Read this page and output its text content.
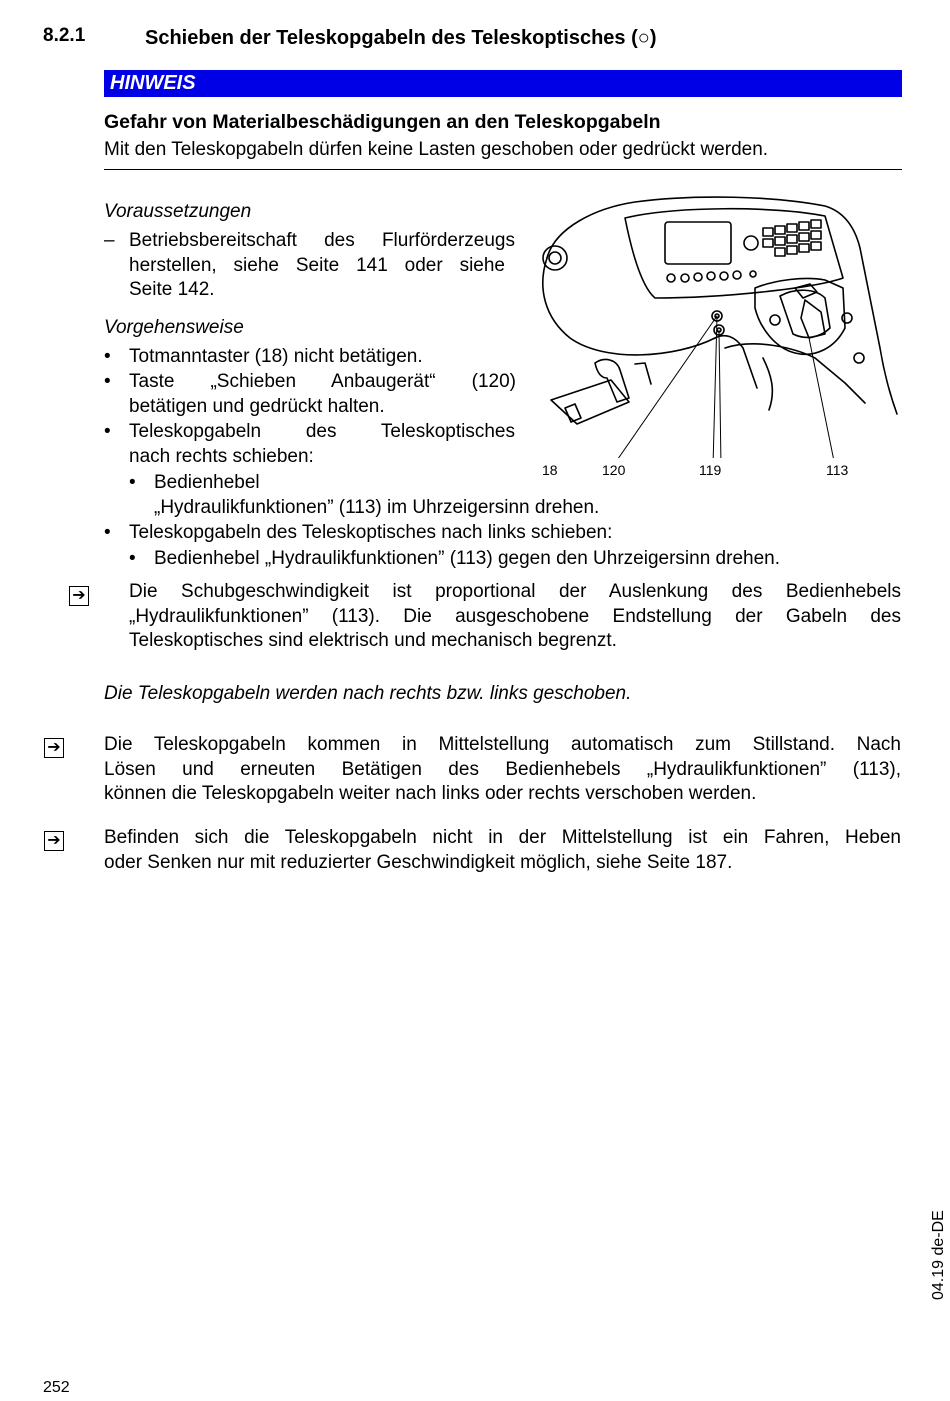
8.2.1	Schieben der Teleskopgabeln des Teleskoptisches (○)
HINWEIS
Gefahr von Materialbeschädigungen an den Teleskopgabeln
Mit den Teleskopgabeln dürfen keine Lasten geschoben oder gedrückt werden.
Voraussetzungen
– Betriebsbereitschaft des Flurförderzeugs

herstellen, siehe Seite 141 oder siehe

Seite 142.

Vorgehensweise
• Totmanntaster (18) nicht betätigen.
• Taste „Schieben Anbaugerät“ (120)

betätigen und gedrückt halten.

• Teleskopgabeln des Teleskoptisches

nach rechts schieben:

• Bedienhebel

„Hydraulikfunktionen” (113) im Uhrzeigersinn drehen.

• Teleskopgabeln des Teleskoptisches nach links schieben:
• Bedienhebel „Hydraulikfunktionen” (113) gegen den Uhrzeigersinn drehen.
18	120	119	113
➔ Die Schubgeschwindigkeit ist proportional der Auslenkung des Bedienhebels

„Hydraulikfunktionen” (113). Die ausgeschobene Endstellung der Gabeln des

Teleskoptisches sind elektrisch und mechanisch begrenzt.

Die Teleskopgabeln werden nach rechts bzw. links geschoben.
➔ Die Teleskopgabeln kommen in Mittelstellung automatisch zum Stillstand. Nach

Lösen und erneuten Betätigen des Bedienhebels „Hydraulikfunktionen” (113),

können die Teleskopgabeln weiter nach links oder rechts verschoben werden.

➔ Befinden sich die Teleskopgabeln nicht in der Mittelstellung ist ein Fahren, Heben

oder Senken nur mit reduzierter Geschwindigkeit möglich, siehe Seite 187.

252
04.19 de-DE
